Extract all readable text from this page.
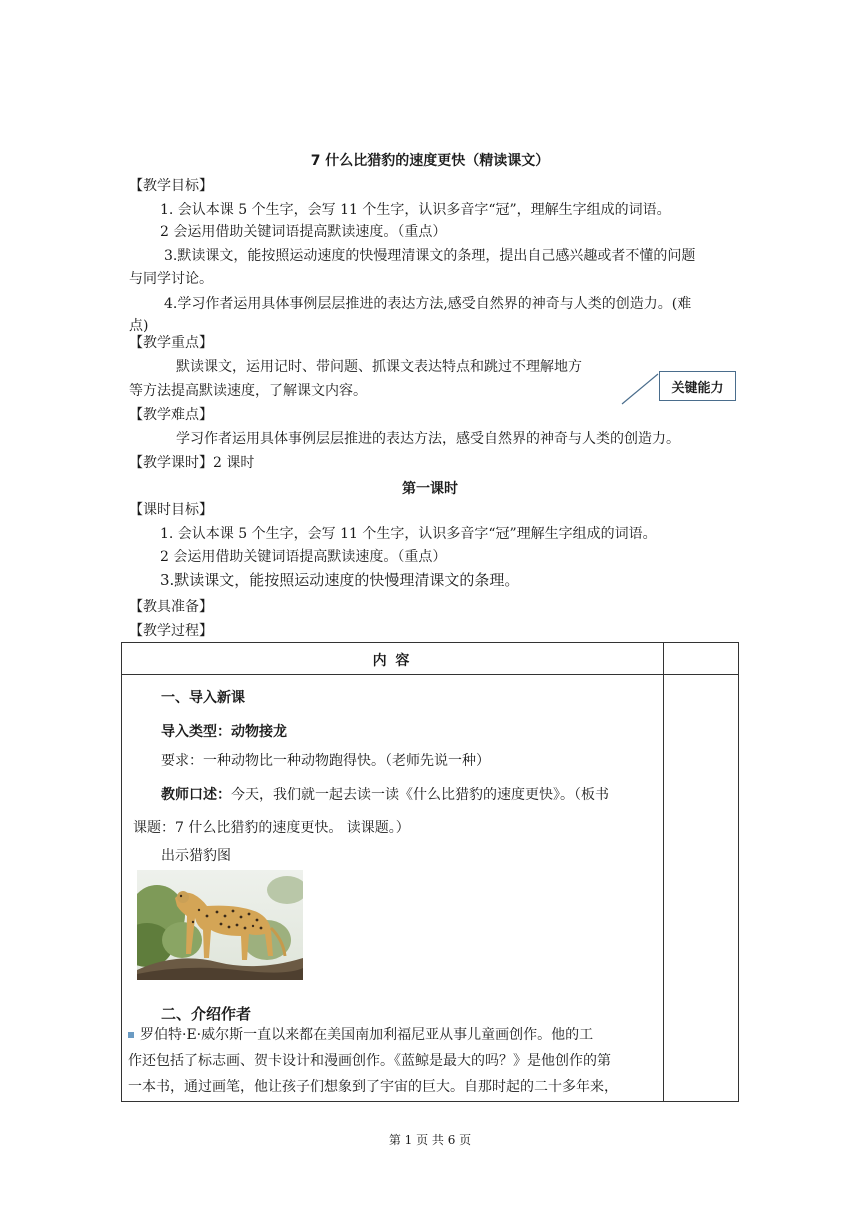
7 什么比猎豹的速度更快（精读课文）
【教学目标】
1. 会认本课 5 个生字，会写 11 个生字，认识多音字“冠”，理解生字组成的词语。
2 会运用借助关键词语提高默读速度。（重点）
3.默读课文，能按照运动速度的快慢理清课文的条理，提出自己感兴趣或者不懂的问题
与同学讨论。
4.学习作者运用具体事例层层推进的表达方法,感受自然界的神奇与人类的创造力。(难
点)
【教学重点】
默读课文，运用记时、带问题、抓课文表达特点和跳过不理解地方
等方法提高默读速度，了解课文内容。	关键能力
【教学难点】
学习作者运用具体事例层层推进的表达方法，感受自然界的神奇与人类的创造力。
【教学课时】2 课时
第一课时
【课时目标】
1. 会认本课 5 个生字，会写 11 个生字，认识多音字“冠”理解生字组成的词语。
2 会运用借助关键词语提高默读速度。（重点）
3.默读课文，能按照运动速度的快慢理清课文的条理。
【教具准备】
【教学过程】
内 容
一、导入新课
导入类型：动物接龙
要求：一种动物比一种动物跑得快。（老师先说一种）
教师口述：今天，我们就一起去读一读《什么比猎豹的速度更快》。（板书
课题：7 什么比猎豹的速度更快。 读课题。）
出示猎豹图
二、介绍作者
罗伯特·E·威尔斯一直以来都在美国南加利福尼亚从事儿童画创作。他的工
作还包括了标志画、贺卡设计和漫画创作。《蓝鲸是最大的吗？》是他创作的第
一本书，通过画笔，他让孩子们想象到了宇宙的巨大。自那时起的二十多年来，
第 1 页 共 6 页
